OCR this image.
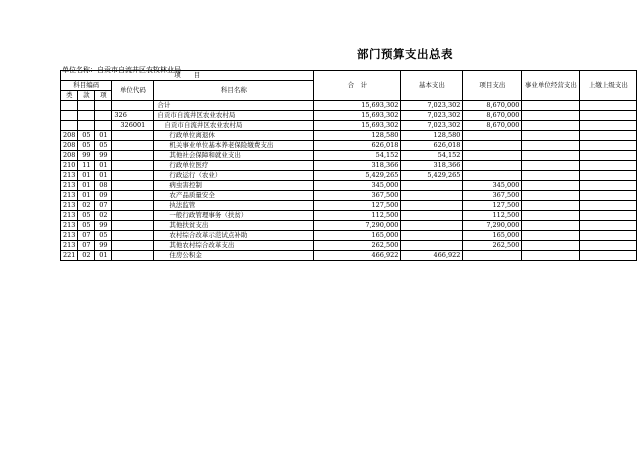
部门预算支出总表
单位名称：自贡市自流井区农牧林业局
项　　目					合　计	基本支出	项目支出	事业单位经营支出	上缴上级支出
科目编码			单位代码	科目名称					
类	款	项							
				合计	15,693,302	7,023,302	8,670,000		
			326	自贡市自流井区农业农村局	15,693,302	7,023,302	8,670,000		
			326001	自贡市自流井区农业农村局	15,693,302	7,023,302	8,670,000		
208	05	01		行政单位离退休	128,580	128,580			
208	05	05		机关事业单位基本养老保险缴费支出	626,018	626,018			
208	99	99		其他社会保障和就业支出	54,152	54,152			
210	11	01		行政单位医疗	318,366	318,366			
213	01	01		行政运行（农业）	5,429,265	5,429,265			
213	01	08		病虫害控制	345,000		345,000		
213	01	09		农产品质量安全	367,500		367,500		
213	02	07		执法监管	127,500		127,500		
213	05	02		一般行政管理事务（扶贫）	112,500		112,500		
213	05	99		其他扶贫支出	7,290,000		7,290,000		
213	07	05		农村综合改革示范试点补助	165,000		165,000		
213	07	99		其他农村综合改革支出	262,500		262,500		
221	02	01		住房公积金	466,922	466,922			
